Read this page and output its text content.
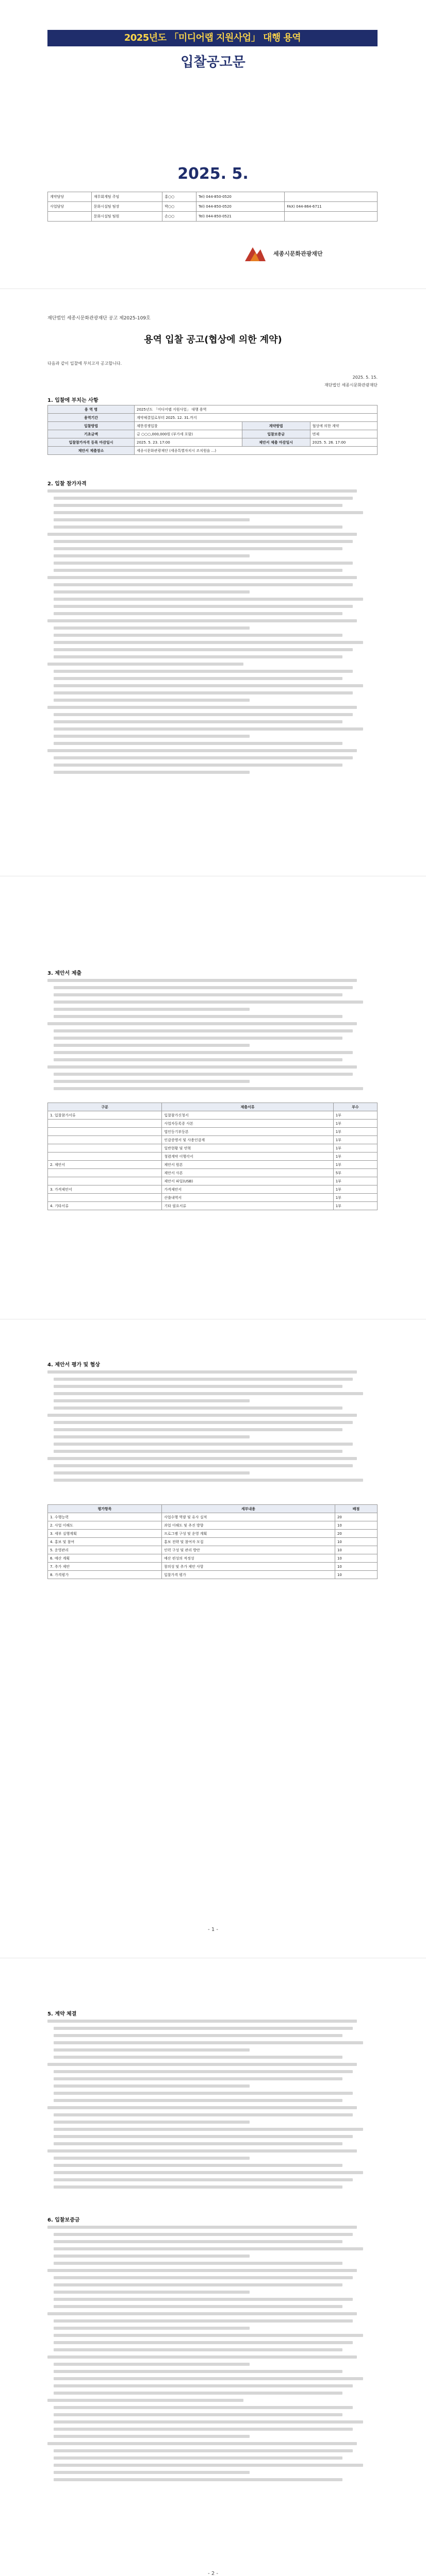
2025년도 「미디어랩 지원사업」 대행 용역
입찰공고문
2025. 5.
계약담당	재무회계팀 주임	홍○○	Tel) 044-850-0520	
사업담당	문화시설팀 팀장	박○○	Tel) 044-850-0520	FAX) 044-864-6711
	문화시설팀 팀원	손○○	Tel) 044-850-0521	
세종시문화관광재단
재단법인 세종시문화관광재단 공고 제2025-109호
용역 입찰 공고(협상에 의한 계약)
다음과 같이 입찰에 부치고자 공고합니다.
2025. 5. 15.
재단법인 세종시문화관광재단
1. 입찰에 부치는 사항
용 역 명	2025년도 「미디어랩 지원사업」 대행 용역		
용역기간	계약체결일로부터 2025. 12. 31.까지		
입찰방법	제한경쟁입찰	계약방법	협상에 의한 계약
기초금액	금 ○○○,000,000원 (부가세 포함)	입찰보증금	면제
입찰참가자격 등록 마감일시	2025. 5. 23. 17:00	제안서 제출 마감일시	2025. 5. 26. 17:00
제안서 제출장소	세종시문화관광재단 (세종특별자치시 조치원읍 ...)		
2. 입찰 참가자격
3. 제안서 제출
구분	제출서류	부수
1. 입찰참가서류	입찰참가신청서	1부
	사업자등록증 사본	1부
	법인등기부등본	1부
	인감증명서 및 사용인감계	1부
	일반현황 및 연혁	1부
	청렴계약 이행각서	1부
2. 제안서	제안서 원본	1부
	제안서 사본	5부
	제안서 파일(USB)	1부
3. 가격제안서	가격제안서	1부
	산출내역서	1부
4. 기타서류	기타 필요서류	1부
4. 제안서 평가 및 협상
평가항목	세부내용	배점
1. 수행능력	사업수행 역량 및 유사 실적	20
2. 사업 이해도	과업 이해도 및 추진 방향	10
3. 세부 실행계획	프로그램 구성 및 운영 계획	20
4. 홍보 및 참여	홍보 전략 및 참여자 모집	10
5. 운영관리	인력 구성 및 관리 방안	10
6. 예산 계획	예산 편성의 적정성	10
7. 추가 제안	창의성 및 추가 제안 사항	10
8. 가격평가	입찰가격 평가	10
- 1 -
5. 계약 체결
6. 입찰보증금
- 2 -
